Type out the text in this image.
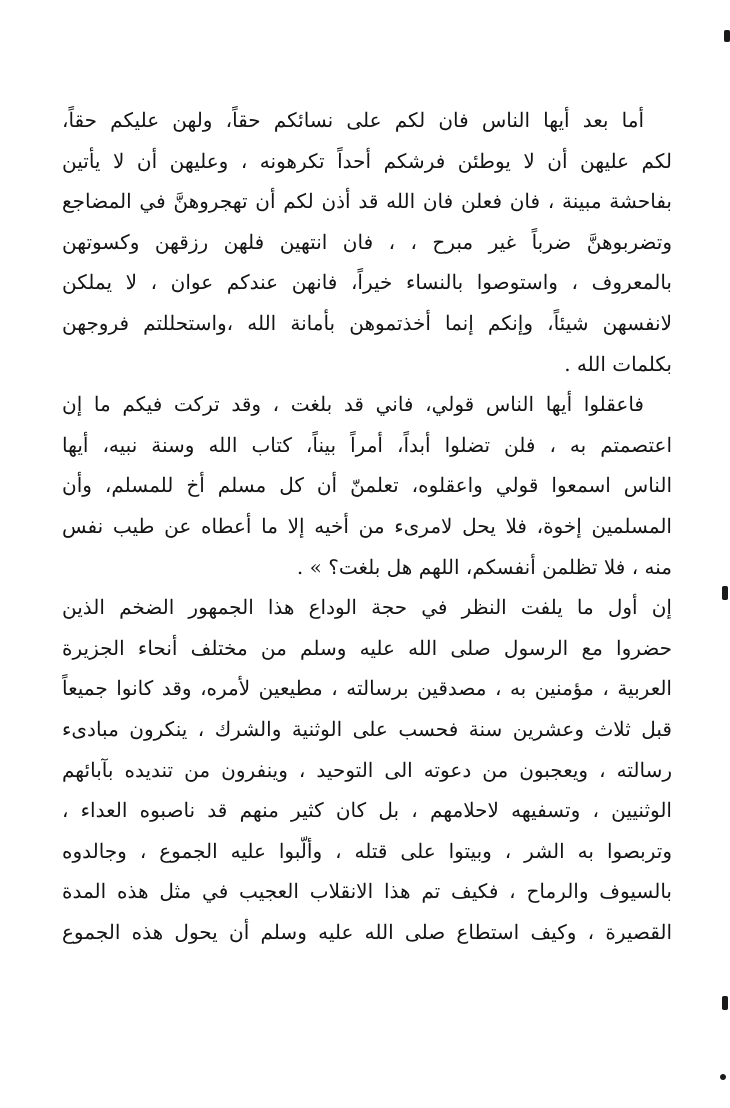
أما بعد أيها الناس فان لكم على نسائكم حقاً، ولهن عليكم حقاً،
لكم عليهن أن لا يوطئن فرشكم أحداً تكرهونه ، وعليهن أن لا يأتين
بفاحشة مبينة ، فان فعلن فان الله قد أذن لكم أن تهجروهنَّ في المضاجع
وتضربوهنَّ ضرباً غير مبرح ، ، فان انتهين فلهن رزقهن وكسوتهن
بالمعروف ، واستوصوا بالنساء خيراً، فانهن عندكم عوان ، لا يملكن
لانفسهن شيئاً، وإنكم إنما أخذتموهن بأمانة الله ،واستحللتم فروجهن
بكلمات الله .
فاعقلوا أيها الناس قولي، فاني قد بلغت ، وقد تركت فيكم ما إن
اعتصمتم به ، فلن تضلوا أبداً، أمراً بيناً، كتاب الله وسنة نبيه، أيها
الناس اسمعوا قولي واعقلوه، تعلمنّ أن كل مسلم أخ للمسلم، وأن
المسلمين إخوة، فلا يحل لامرىء من أخيه إلا ما أعطاه عن طيب نفس
منه ، فلا تظلمن أنفسكم، اللهم هل بلغت؟ » .
إن أول ما يلفت النظر في حجة الوداع هذا الجمهور الضخم الذين
حضروا مع الرسول صلى الله عليه وسلم من مختلف أنحاء الجزيرة
العربية ، مؤمنين به ، مصدقين برسالته ، مطيعين لأمره، وقد كانوا جميعاً
قبل ثلاث وعشرين سنة فحسب على الوثنية والشرك ، ينكرون مبادىء
رسالته ، ويعجبون من دعوته الى التوحيد ، وينفرون من تنديده بآبائهم
الوثنيين ، وتسفيهه لاحلامهم ، بل كان كثير منهم قد ناصبوه العداء ،
وتربصوا به الشر ، وبيتوا على قتله ، وألّبوا عليه الجموع ، وجالدوه
بالسيوف والرماح ، فكيف تم هذا الانقلاب العجيب في مثل هذه المدة
القصيرة ، وكيف استطاع صلى الله عليه وسلم أن يحول هذه الجموع
